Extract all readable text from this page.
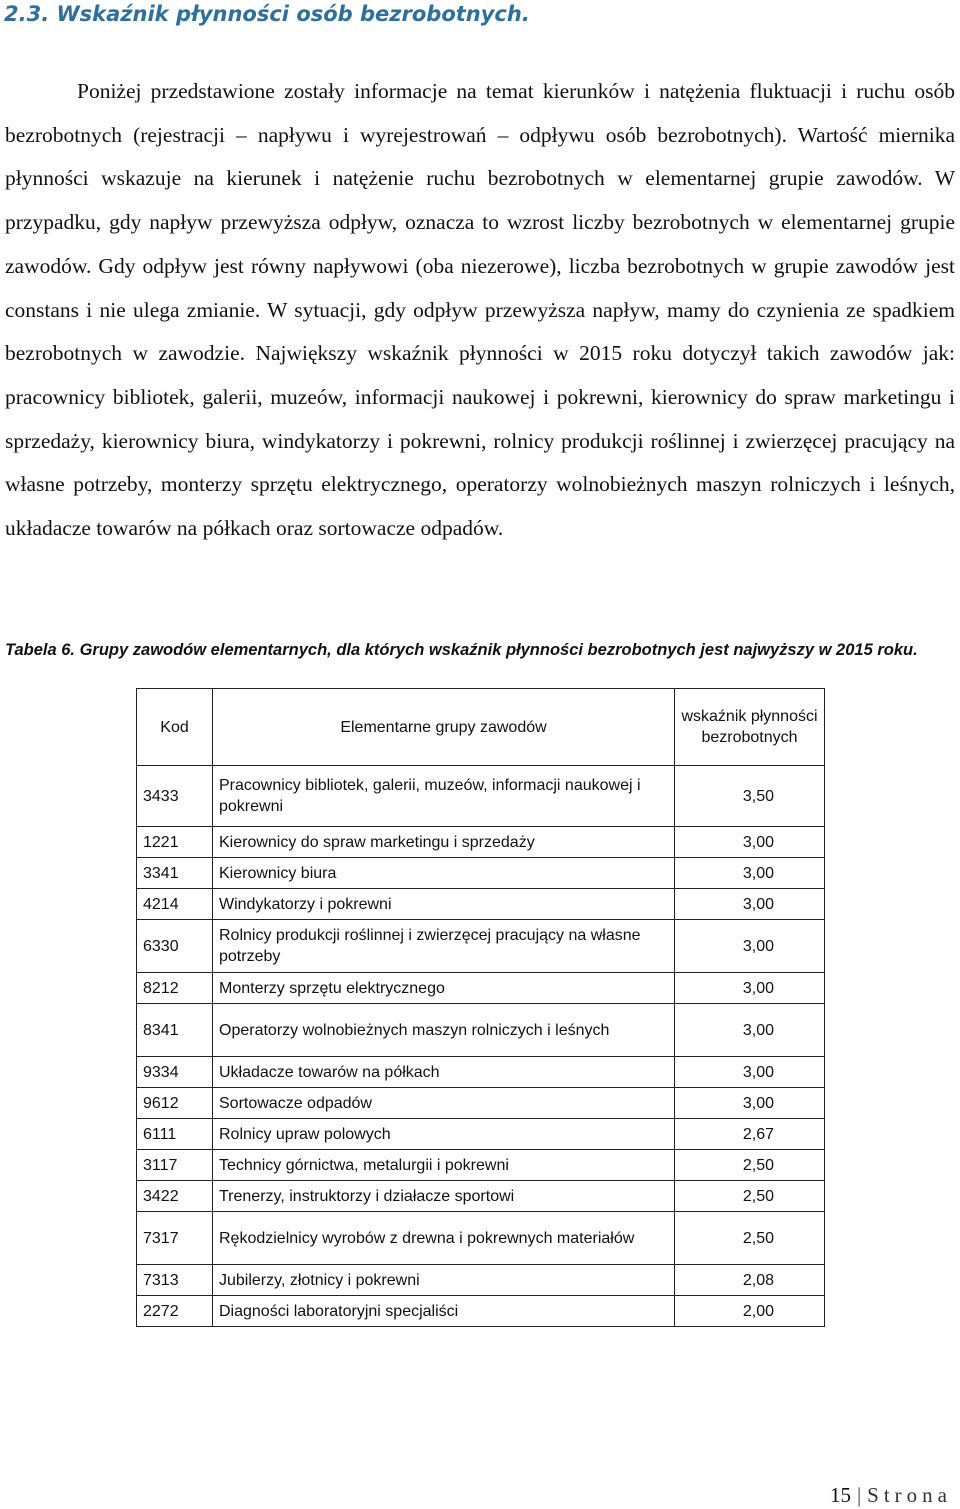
2.3. Wskaźnik płynności osób bezrobotnych.

Poniżej przedstawione zostały informacje na temat kierunków i natężenia fluktuacji i ruchu osób bezrobotnych (rejestracji – napływu i wyrejestrowań – odpływu osób bezrobotnych). Wartość miernika płynności wskazuje na kierunek i natężenie ruchu bezrobotnych w elementarnej grupie zawodów. W przypadku, gdy napływ przewyższa odpływ, oznacza to wzrost liczby bezrobotnych w elementarnej grupie zawodów. Gdy odpływ jest równy napływowi (oba niezerowe), liczba bezrobotnych w grupie zawodów jest constans i nie ulega zmianie. W sytuacji, gdy odpływ przewyższa napływ, mamy do czynienia ze spadkiem bezrobotnych w zawodzie. Największy wskaźnik płynności w 2015 roku dotyczył takich zawodów jak: pracownicy bibliotek, galerii, muzeów, informacji naukowej i pokrewni, kierownicy do spraw marketingu i sprzedaży, kierownicy biura, windykatorzy i pokrewni, rolnicy produkcji roślinnej i zwierzęcej pracujący na własne potrzeby, monterzy sprzętu elektrycznego, operatorzy wolnobieżnych maszyn rolniczych i leśnych, układacze towarów na półkach oraz sortowacze odpadów.

Tabela 6. Grupy zawodów elementarnych, dla których wskaźnik płynności bezrobotnych jest najwyższy w 2015 roku.

Kod	Elementarne grupy zawodów	wskaźnik płynności bezrobotnych
3433	Pracownicy bibliotek, galerii, muzeów, informacji naukowej i pokrewni	3,50
1221	Kierownicy do spraw marketingu i sprzedaży	3,00
3341	Kierownicy biura	3,00
4214	Windykatorzy i pokrewni	3,00
6330	Rolnicy produkcji roślinnej i zwierzęcej pracujący na własne potrzeby	3,00
8212	Monterzy sprzętu elektrycznego	3,00
8341	Operatorzy wolnobieżnych maszyn rolniczych i leśnych	3,00
9334	Układacze towarów na półkach	3,00
9612	Sortowacze odpadów	3,00
6111	Rolnicy upraw polowych	2,67
3117	Technicy górnictwa, metalurgii i pokrewni	2,50
3422	Trenerzy, instruktorzy i działacze sportowi	2,50
7317	Rękodzielnicy wyrobów z drewna i pokrewnych materiałów	2,50
7313	Jubilerzy, złotnicy i pokrewni	2,08
2272	Diagności laboratoryjni specjaliści	2,00
15 | Strona
